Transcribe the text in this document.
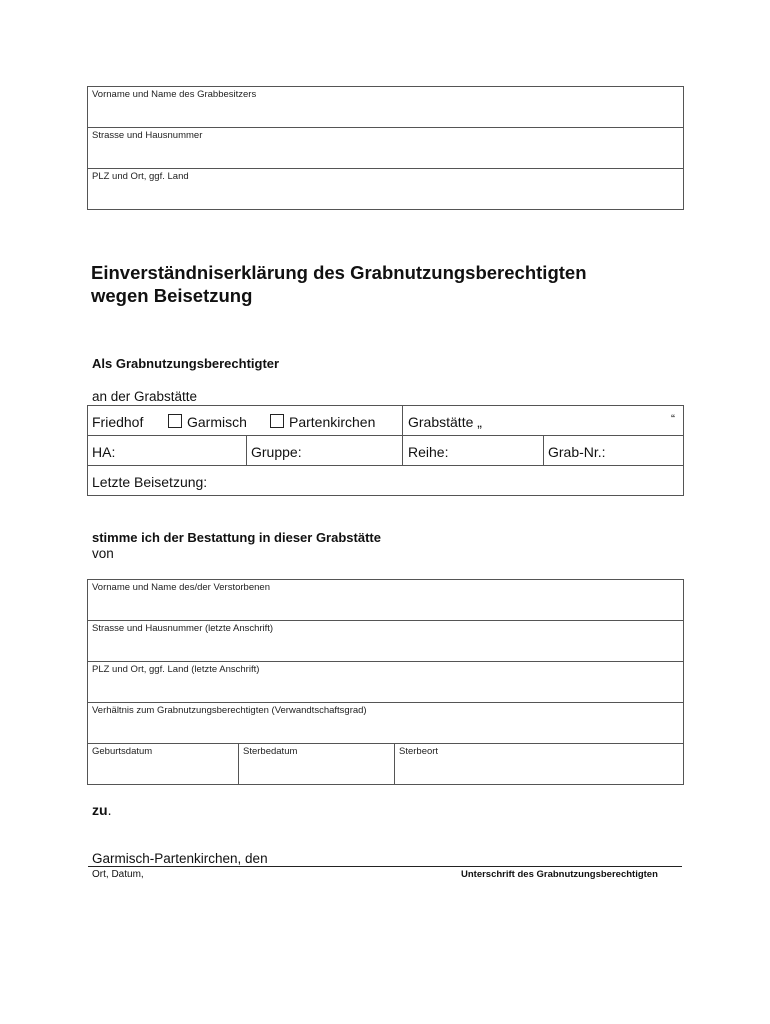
Vorname und Name des Grabbesitzers
Strasse und Hausnummer
PLZ und Ort, ggf. Land
Einverständniserklärung des Grabnutzungsberechtigten
wegen Beisetzung
Als Grabnutzungsberechtigter
an der Grabstätte
Friedhof	Garmisch	Partenkirchen Grabstätte „	“
HA:	Gruppe:	Reihe:	Grab-Nr.:
Letzte Beisetzung:
stimme ich der Bestattung in dieser Grabstätte
von
Vorname und Name des/der Verstorbenen
Strasse und Hausnummer (letzte Anschrift)
PLZ und Ort, ggf. Land (letzte Anschrift)
Verhältnis zum Grabnutzungsberechtigten (Verwandtschaftsgrad)
Geburtsdatum	Sterbedatum	Sterbeort
zu.
Garmisch-Partenkirchen, den
Ort, Datum,	Unterschrift des Grabnutzungsberechtigten
